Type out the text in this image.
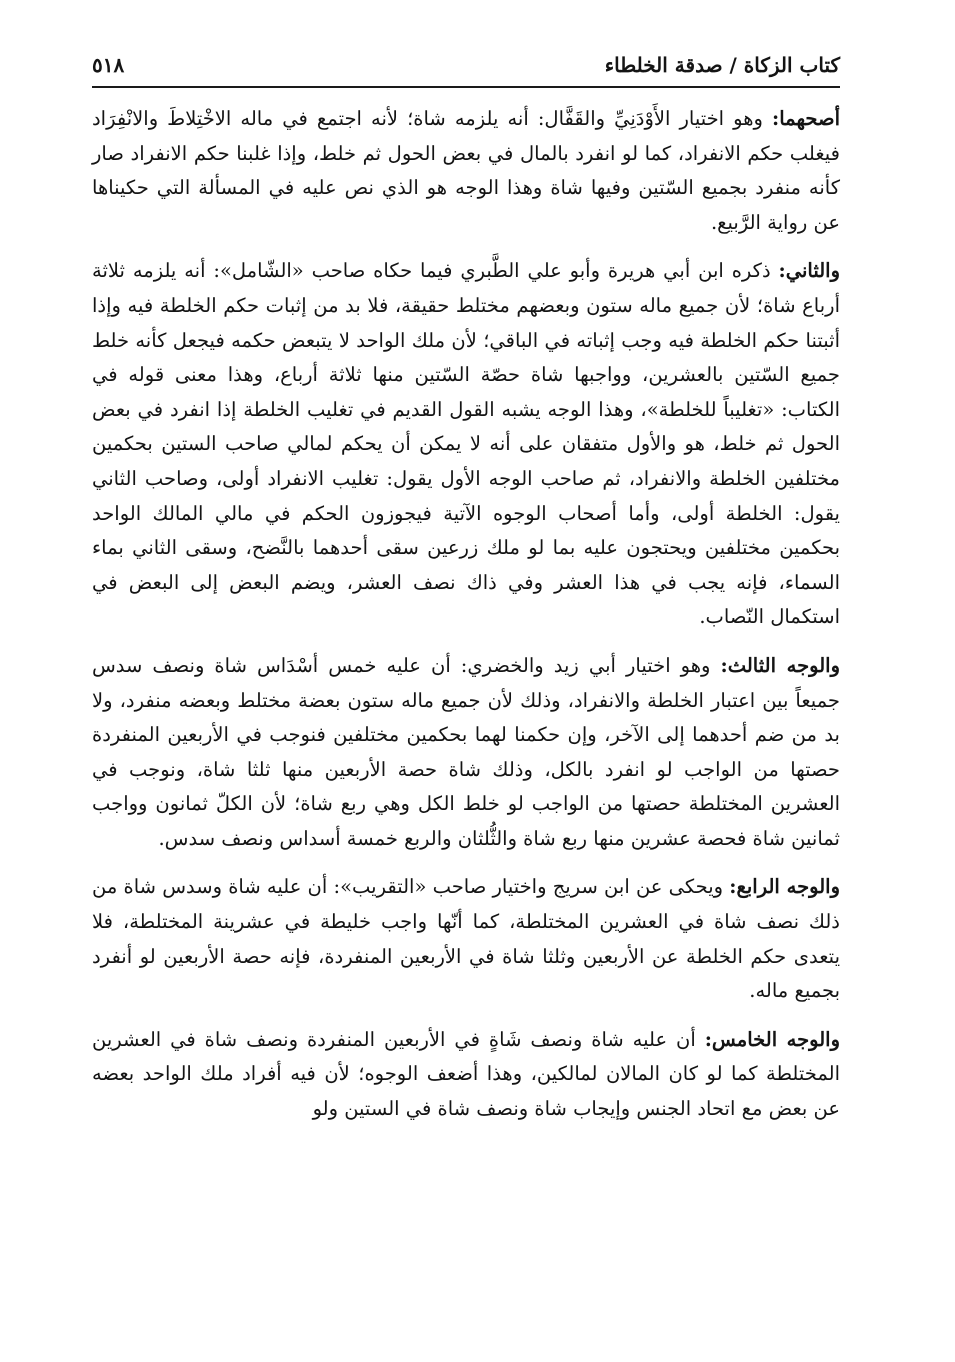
كتاب الزكاة / صدقة الخلطاء
٥١٨

أصحهما: وهو اختيار الأَوْدَنِيِّ والقَفَّال: أنه يلزمه شاة؛ لأنه اجتمع في ماله الاخْتِلاطَ والانْفِرَاد فيغلب حكم الانفراد، كما لو انفرد بالمال في بعض الحول ثم خلط، وإذا غلبنا حكم الانفراد صار كأنه منفرد بجميع السّتين وفيها شاة وهذا الوجه هو الذي نص عليه في المسألة التي حكيناها عن رواية الرَّبيع.

والثاني: ذكره ابن أبي هريرة وأبو علي الطَّبري فيما حكاه صاحب «الشّامل»: أنه يلزمه ثلاثة أرباع شاة؛ لأن جميع ماله ستون وبعضهم مختلط حقيقة، فلا بد من إثبات حكم الخلطة فيه وإذا أثبتنا حكم الخلطة فيه وجب إثباته في الباقي؛ لأن ملك الواحد لا يتبعض حكمه فيجعل كأنه خلط جميع السّتين بالعشرين، وواجبها شاة حصّة السّتين منها ثلاثة أرباع، وهذا معنى قوله في الكتاب: «تغليباً للخلطة»، وهذا الوجه يشبه القول القديم في تغليب الخلطة إذا انفرد في بعض الحول ثم خلط، هو والأول متفقان على أنه لا يمكن أن يحكم لمالي صاحب الستين بحكمين مختلفين الخلطة والانفراد، ثم صاحب الوجه الأول يقول: تغليب الانفراد أولى، وصاحب الثاني يقول: الخلطة أولى، وأما أصحاب الوجوه الآتية فيجوزون الحكم في مالي المالك الواحد بحكمين مختلفين ويحتجون عليه بما لو ملك زرعين سقى أحدهما بالنَّضح، وسقى الثاني بماء السماء، فإنه يجب في هذا العشر وفي ذاك نصف العشر، ويضم البعض إلى البعض في استكمال النّصاب.

والوجه الثالث: وهو اختيار أبي زيد والخضري: أن عليه خمس أسْدَاس شاة ونصف سدس جميعاً بين اعتبار الخلطة والانفراد، وذلك لأن جميع ماله ستون بعضة مختلط وبعضه منفرد، ولا بد من ضم أحدهما إلى الآخر، وإن حكمنا لهما بحكمين مختلفين فنوجب في الأربعين المنفردة حصتها من الواجب لو انفرد بالكل، وذلك شاة حصة الأربعين منها ثلثا شاة، ونوجب في العشرين المختلطة حصتها من الواجب لو خلط الكل وهي ربع شاة؛ لأن الكلّ ثمانون وواجب ثمانين شاة فحصة عشرين منها ربع شاة والثُّلثان والربع خمسة أسداس ونصف سدس.

والوجه الرابع: ويحكى عن ابن سريج واختيار صاحب «التقريب»: أن عليه شاة وسدس شاة من ذلك نصف شاة في العشرين المختلطة، كما أنّها واجب خليطة في عشرينة المختلطة، فلا يتعدى حكم الخلطة عن الأربعين وثلثا شاة في الأربعين المنفردة، فإنه حصة الأربعين لو أنفرد بجميع ماله.

والوجه الخامس: أن عليه شاة ونصف شَاةٍ في الأربعين المنفردة ونصف شاة في العشرين المختلطة كما لو كان المالان لمالكين، وهذا أضعف الوجوه؛ لأن فيه أفراد ملك الواحد بعضه عن بعض مع اتحاد الجنس وإيجاب شاة ونصف شاة في الستين ولو
